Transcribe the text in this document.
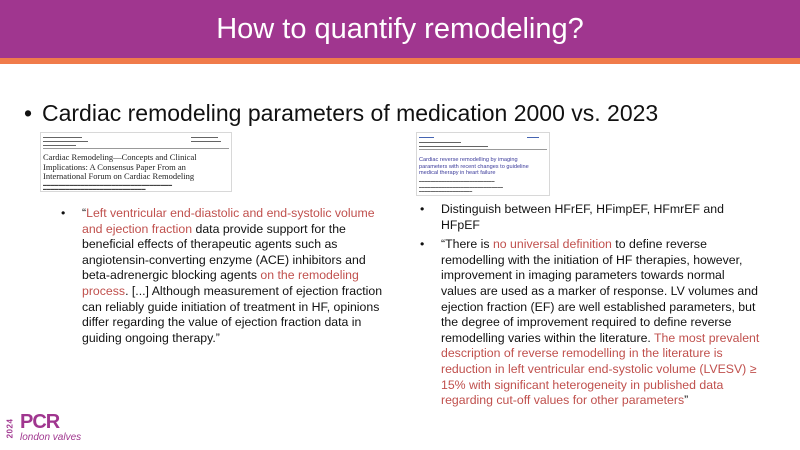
How to quantify remodeling?
• Cardiac remodeling parameters of medication 2000 vs. 2023
▬▬▬▬▬▬▬▬▬▬▬▬▬
▬▬▬▬▬▬▬▬▬▬▬▬▬▬▬
▬▬▬▬▬▬▬▬▬▬▬
▬▬▬▬▬▬▬▬▬
▬▬▬▬▬▬▬▬▬▬
Cardiac Remodeling—Concepts and Clinical Implications: A Consensus Paper From an International Forum on Cardiac Remodeling
▬▬▬▬▬▬▬▬▬▬▬▬▬▬▬▬▬▬▬▬▬▬▬▬▬▬▬▬▬▬▬▬▬▬
▬▬▬▬▬▬▬▬▬▬▬▬▬▬▬▬▬▬▬▬▬▬▬▬▬▬▬
▬▬▬▬▬	▬▬▬▬
▬▬▬▬▬▬▬▬▬▬▬▬▬▬
▬▬▬▬▬▬▬▬▬▬▬▬▬▬▬▬▬▬▬▬▬▬▬
Cardiac reverse remodelling by imaging parameters with recent changes to guideline medical therapy in heart failure
▬▬▬▬▬▬▬▬▬▬▬▬▬▬▬▬▬▬▬▬▬▬▬▬▬▬▬
▬▬▬▬▬▬▬▬▬▬▬▬▬▬▬▬▬▬▬▬▬▬▬▬▬▬▬▬▬▬
▬▬▬▬▬▬▬▬▬▬▬▬▬▬▬▬▬▬▬
• “Left ventricular end-diastolic and end-systolic volume and ejection fraction data provide support for the beneficial effects of therapeutic agents such as angiotensin-converting enzyme (ACE) inhibitors and beta-adrenergic blocking agents on the remodeling process. [...] Although measurement of ejection fraction can reliably guide initiation of treatment in HF, opinions differ regarding the value of ejection fraction data in guiding ongoing therapy.”
• Distinguish between HFrEF, HFimpEF, HFmrEF and HFpEF
• “There is no universal definition to define reverse remodelling with the initiation of HF therapies, however, improvement in imaging parameters towards normal values are used as a marker of response. LV volumes and ejection fraction (EF) are well established parameters, but the degree of improvement required to define reverse remodelling varies within the literature. The most prevalent description of reverse remodelling in the literature is reduction in left ventricular end-systolic volume (LVESV) ≥ 15% with significant heterogeneity in published data regarding cut-off values for other parameters”
2024 PCR
london valves
